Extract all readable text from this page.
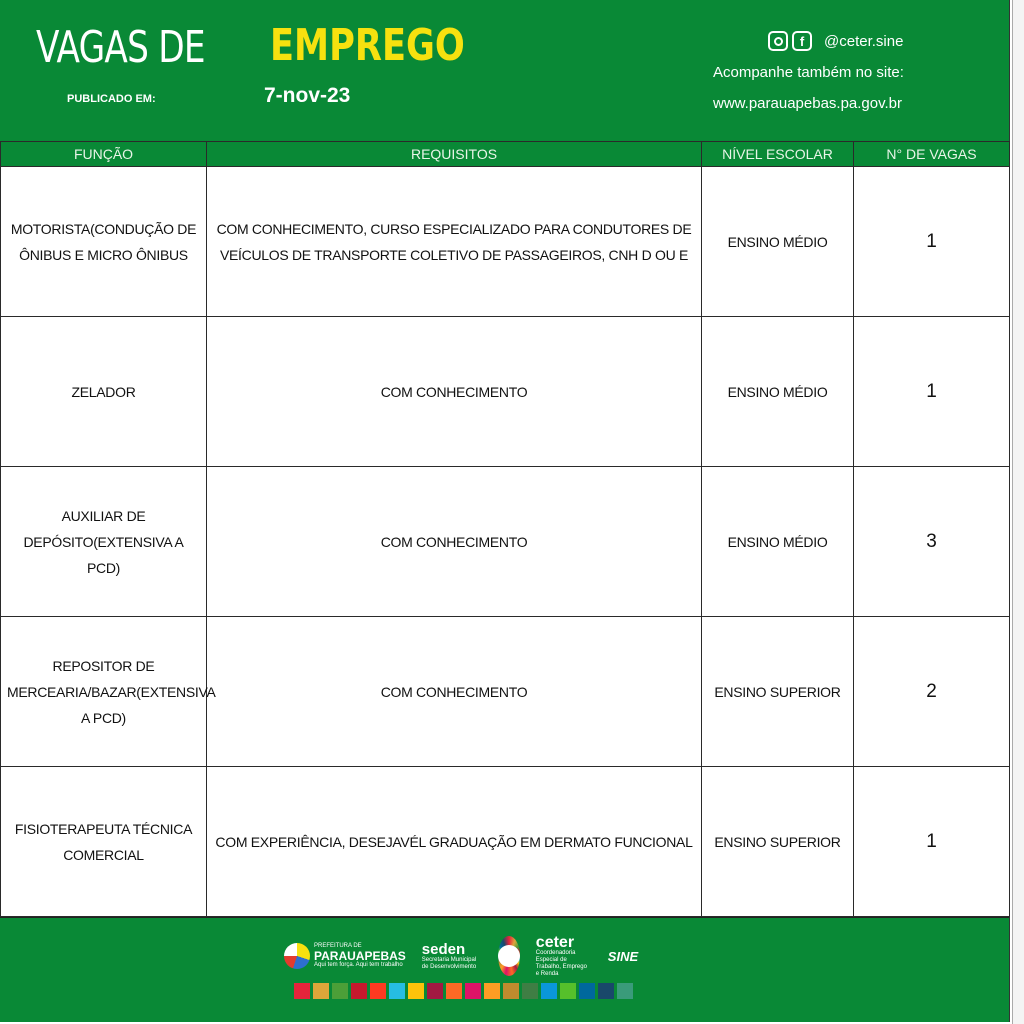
VAGAS DE EMPREGO
PUBLICADO EM:	7-nov-23
f	@ceter.sine
Acompanhe também no site:
www.parauapebas.pa.gov.br
FUNÇÃO	REQUISITOS	NÍVEL ESCOLAR	N° DE VAGAS
MOTORISTA(CONDUÇÃO DE ÔNIBUS E MICRO ÔNIBUS	COM CONHECIMENTO, CURSO ESPECIALIZADO PARA CONDUTORES DE VEÍCULOS DE TRANSPORTE COLETIVO DE PASSAGEIROS, CNH D OU E	ENSINO MÉDIO	1
ZELADOR	COM CONHECIMENTO	ENSINO MÉDIO	1
AUXILIAR DE DEPÓSITO(EXTENSIVA A PCD)	COM CONHECIMENTO	ENSINO MÉDIO	3
REPOSITOR DE MERCEARIA/BAZAR(EXTENSIVA A PCD)	COM CONHECIMENTO	ENSINO SUPERIOR	2
FISIOTERAPEUTA TÉCNICA COMERCIAL	COM EXPERIÊNCIA, DESEJAVÉL GRADUAÇÃO EM DERMATO FUNCIONAL	ENSINO SUPERIOR	1
PREFEITURA DE
PARAUAPEBAS
Aqui tem força. Aqui tem trabalho
seden
Secretaria Municipal de Desenvolvimento
ceter
Coordenadoria Especial de Trabalho, Emprego e Renda
SINE
